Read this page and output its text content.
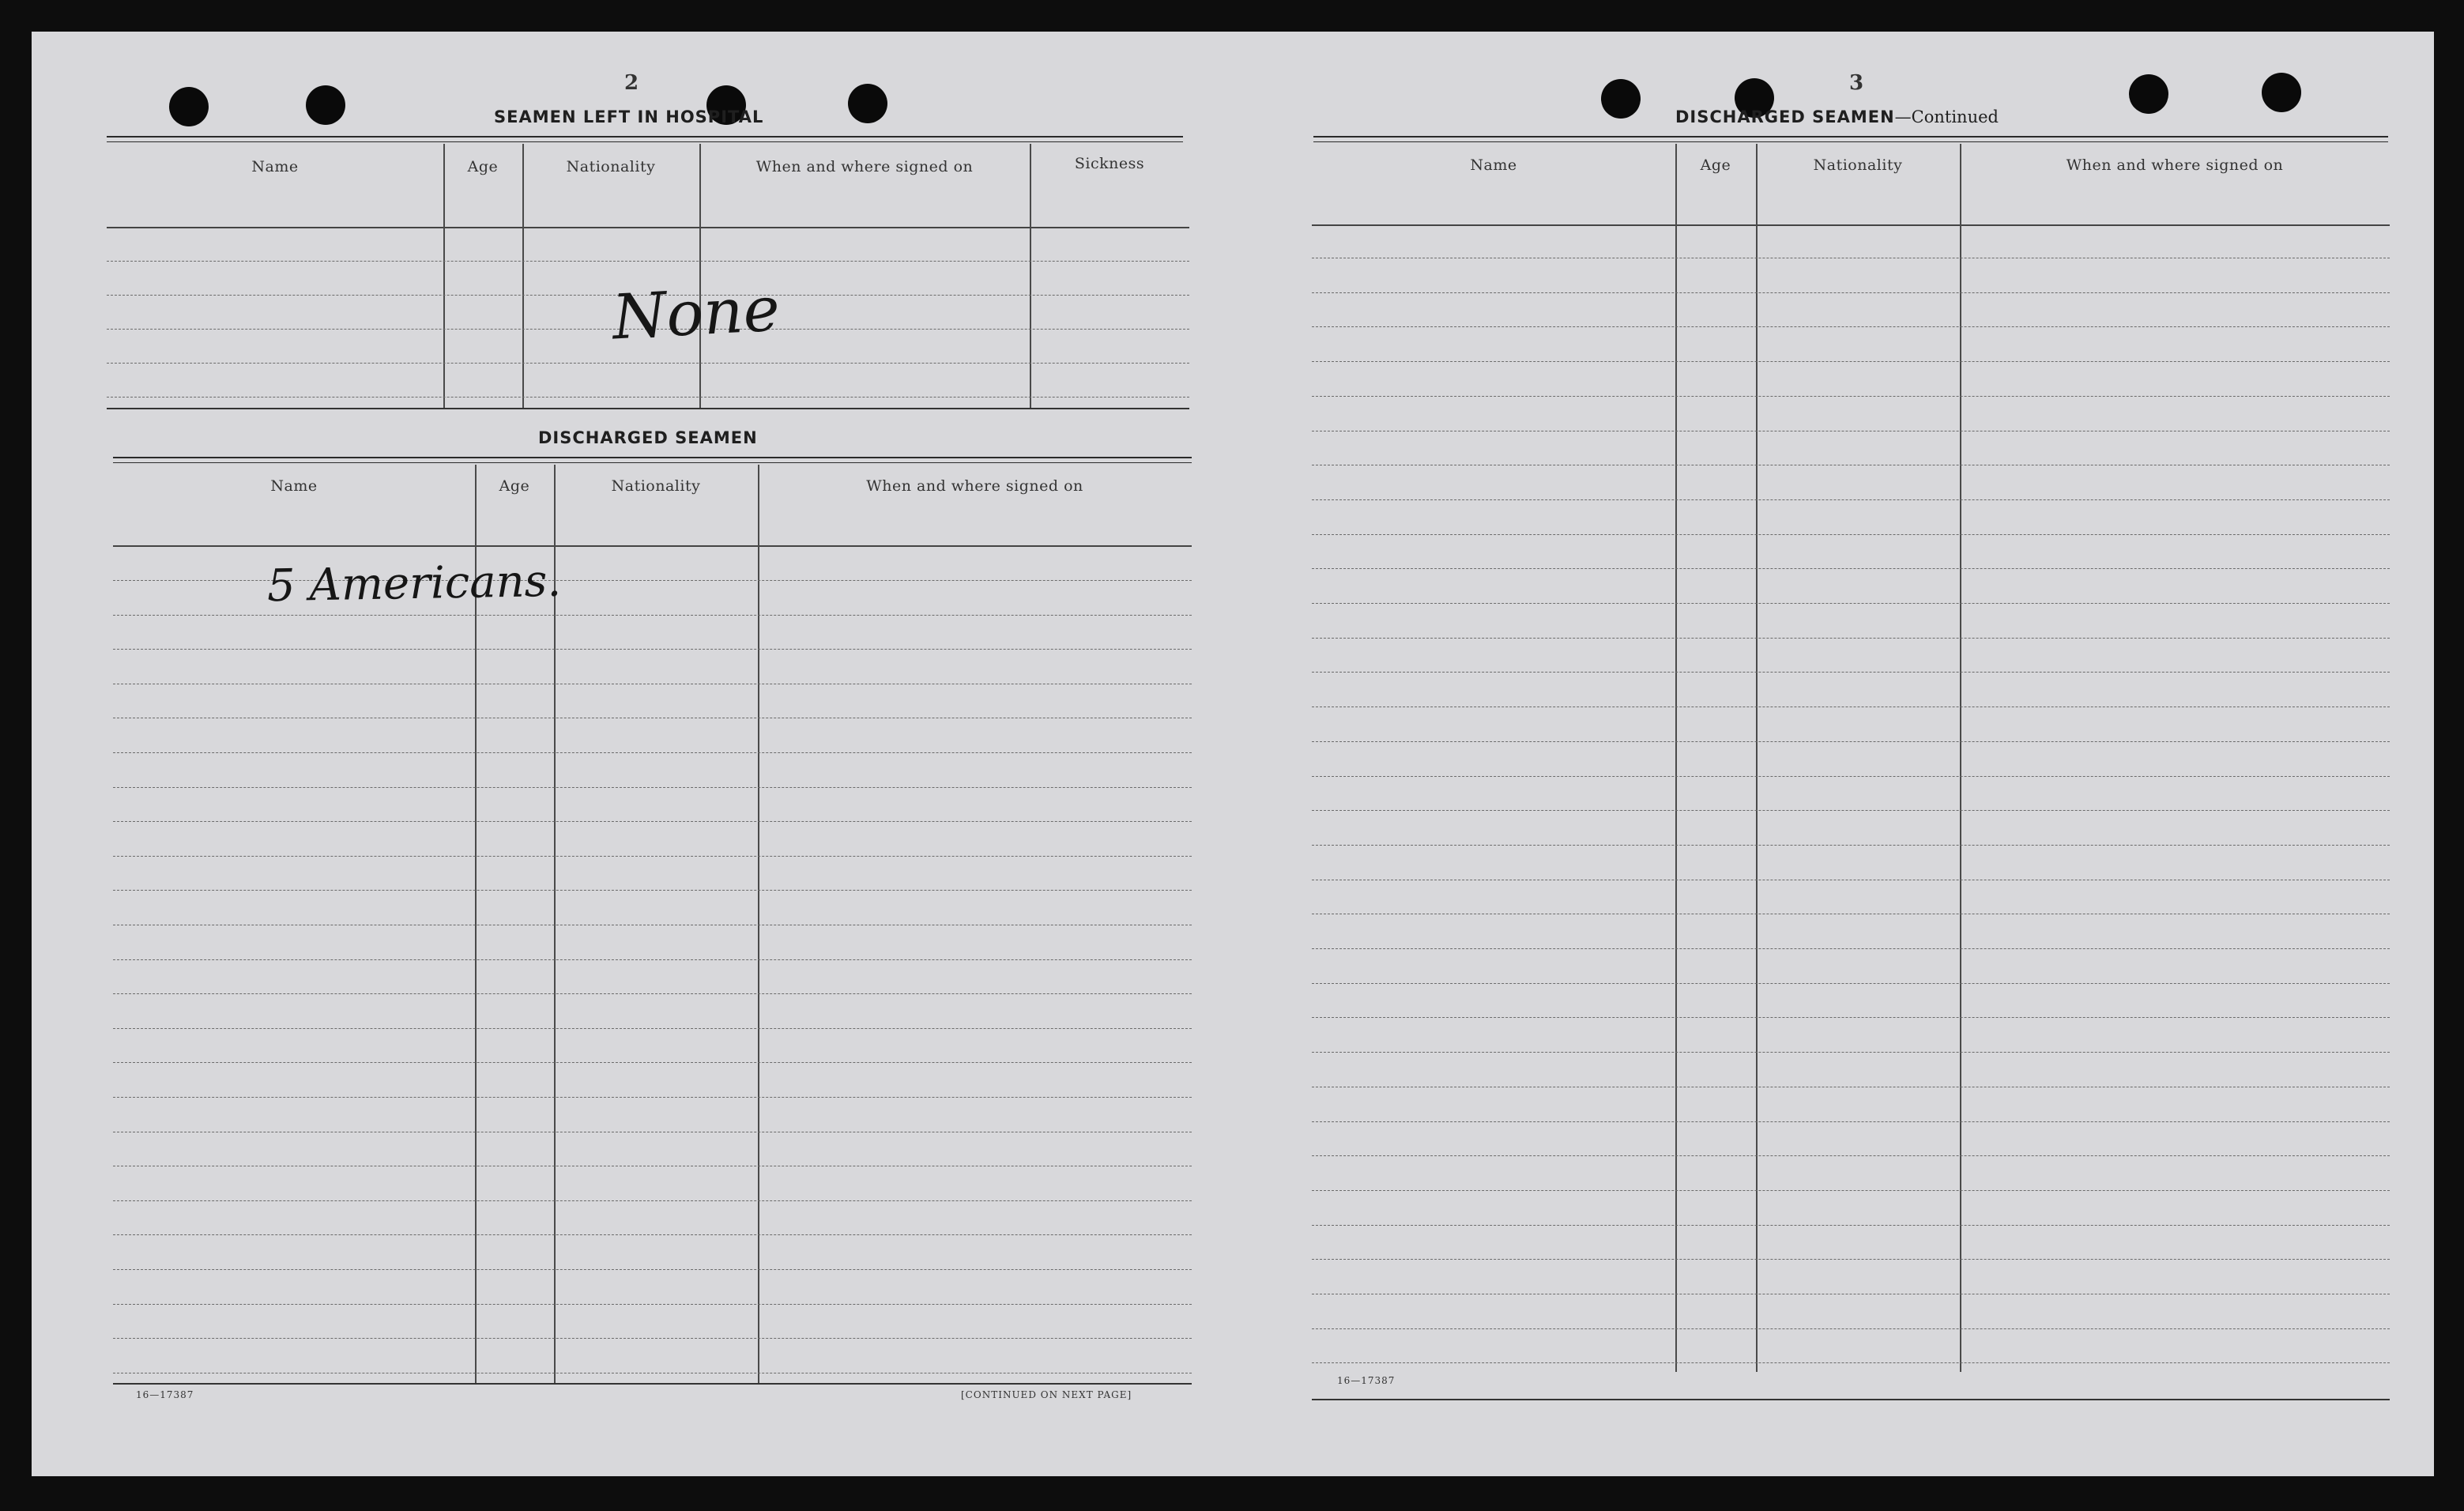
2
SEAMEN LEFT IN HOSPITAL
Name	Age	Nationality	When and where signed on	Sickness
None
DISCHARGED SEAMEN
Name	Age	Nationality	When and where signed on
5 Americans.
16—17387	[CONTINUED ON NEXT PAGE]
3
DISCHARGED SEAMEN—Continued
Name	Age	Nationality	When and where signed on
16—17387
